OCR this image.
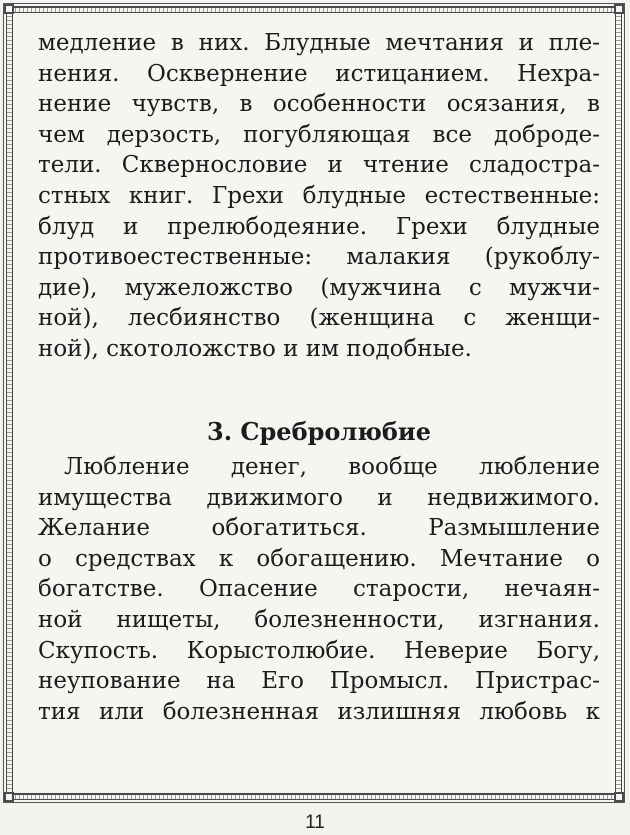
медление в них. Блудные мечтания и пле-
нения. Осквернение истицанием. Нехра-
нение чувств, в особенности осязания, в
чем дерзость, погубляющая все доброде-
тели. Сквернословие и чтение сладостра-
стных книг. Грехи блудные естественные:
блуд и прелюбодеяние. Грехи блудные
противоестественные: малакия (рукоблу-
дие), мужеложство (мужчина с мужчи-
ной), лесбиянство (женщина с женщи-
ной), скотоложство и им подобные.
3. Сребролюбие
Любление денег, вообще любление
имущества движимого и недвижимого.
Желание обогатиться. Размышление
о средствах к обогащению. Мечтание о
богатстве. Опасение старости, нечаян-
ной нищеты, болезненности, изгнания.
Скупость. Корыстолюбие. Неверие Богу,
неупование на Его Промысл. Пристрас-
тия или болезненная излишняя любовь к
11
